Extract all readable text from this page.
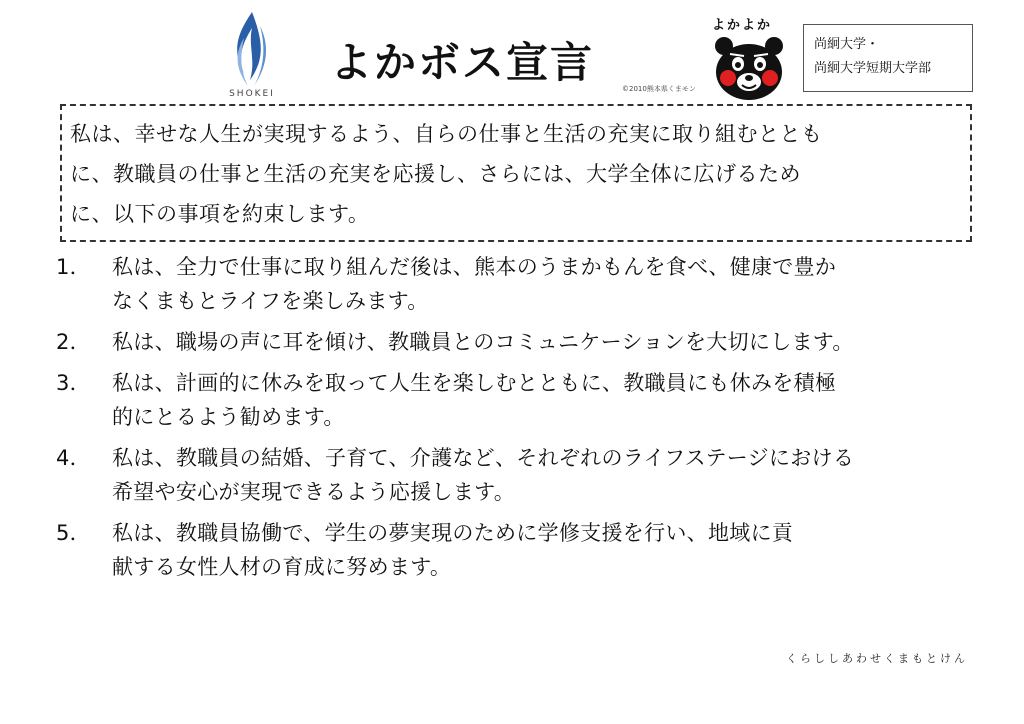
SHOKEI
よかボス宣言
©2010熊本県くまモン
よかよか
尚絅大学・
尚絅大学短期大学部
私は、幸せな人生が実現するよう、自らの仕事と生活の充実に取り組むととも
に、教職員の仕事と生活の充実を応援し、さらには、大学全体に広げるため
に、以下の事項を約束します。
1．	私は、全力で仕事に取り組んだ後は、熊本のうまかもんを食べ、健康で豊か
なくまもとライフを楽しみます。
2．	私は、職場の声に耳を傾け、教職員とのコミュニケーションを大切にします。
3．	私は、計画的に休みを取って人生を楽しむとともに、教職員にも休みを積極
的にとるよう勧めます。
4．	私は、教職員の結婚、子育て、介護など、それぞれのライフステージにおける
希望や安心が実現できるよう応援します。
5．	私は、教職員協働で、学生の夢実現のために学修支援を行い、地域に貢
献する女性人材の育成に努めます。
くらししあわせくまもとけん
